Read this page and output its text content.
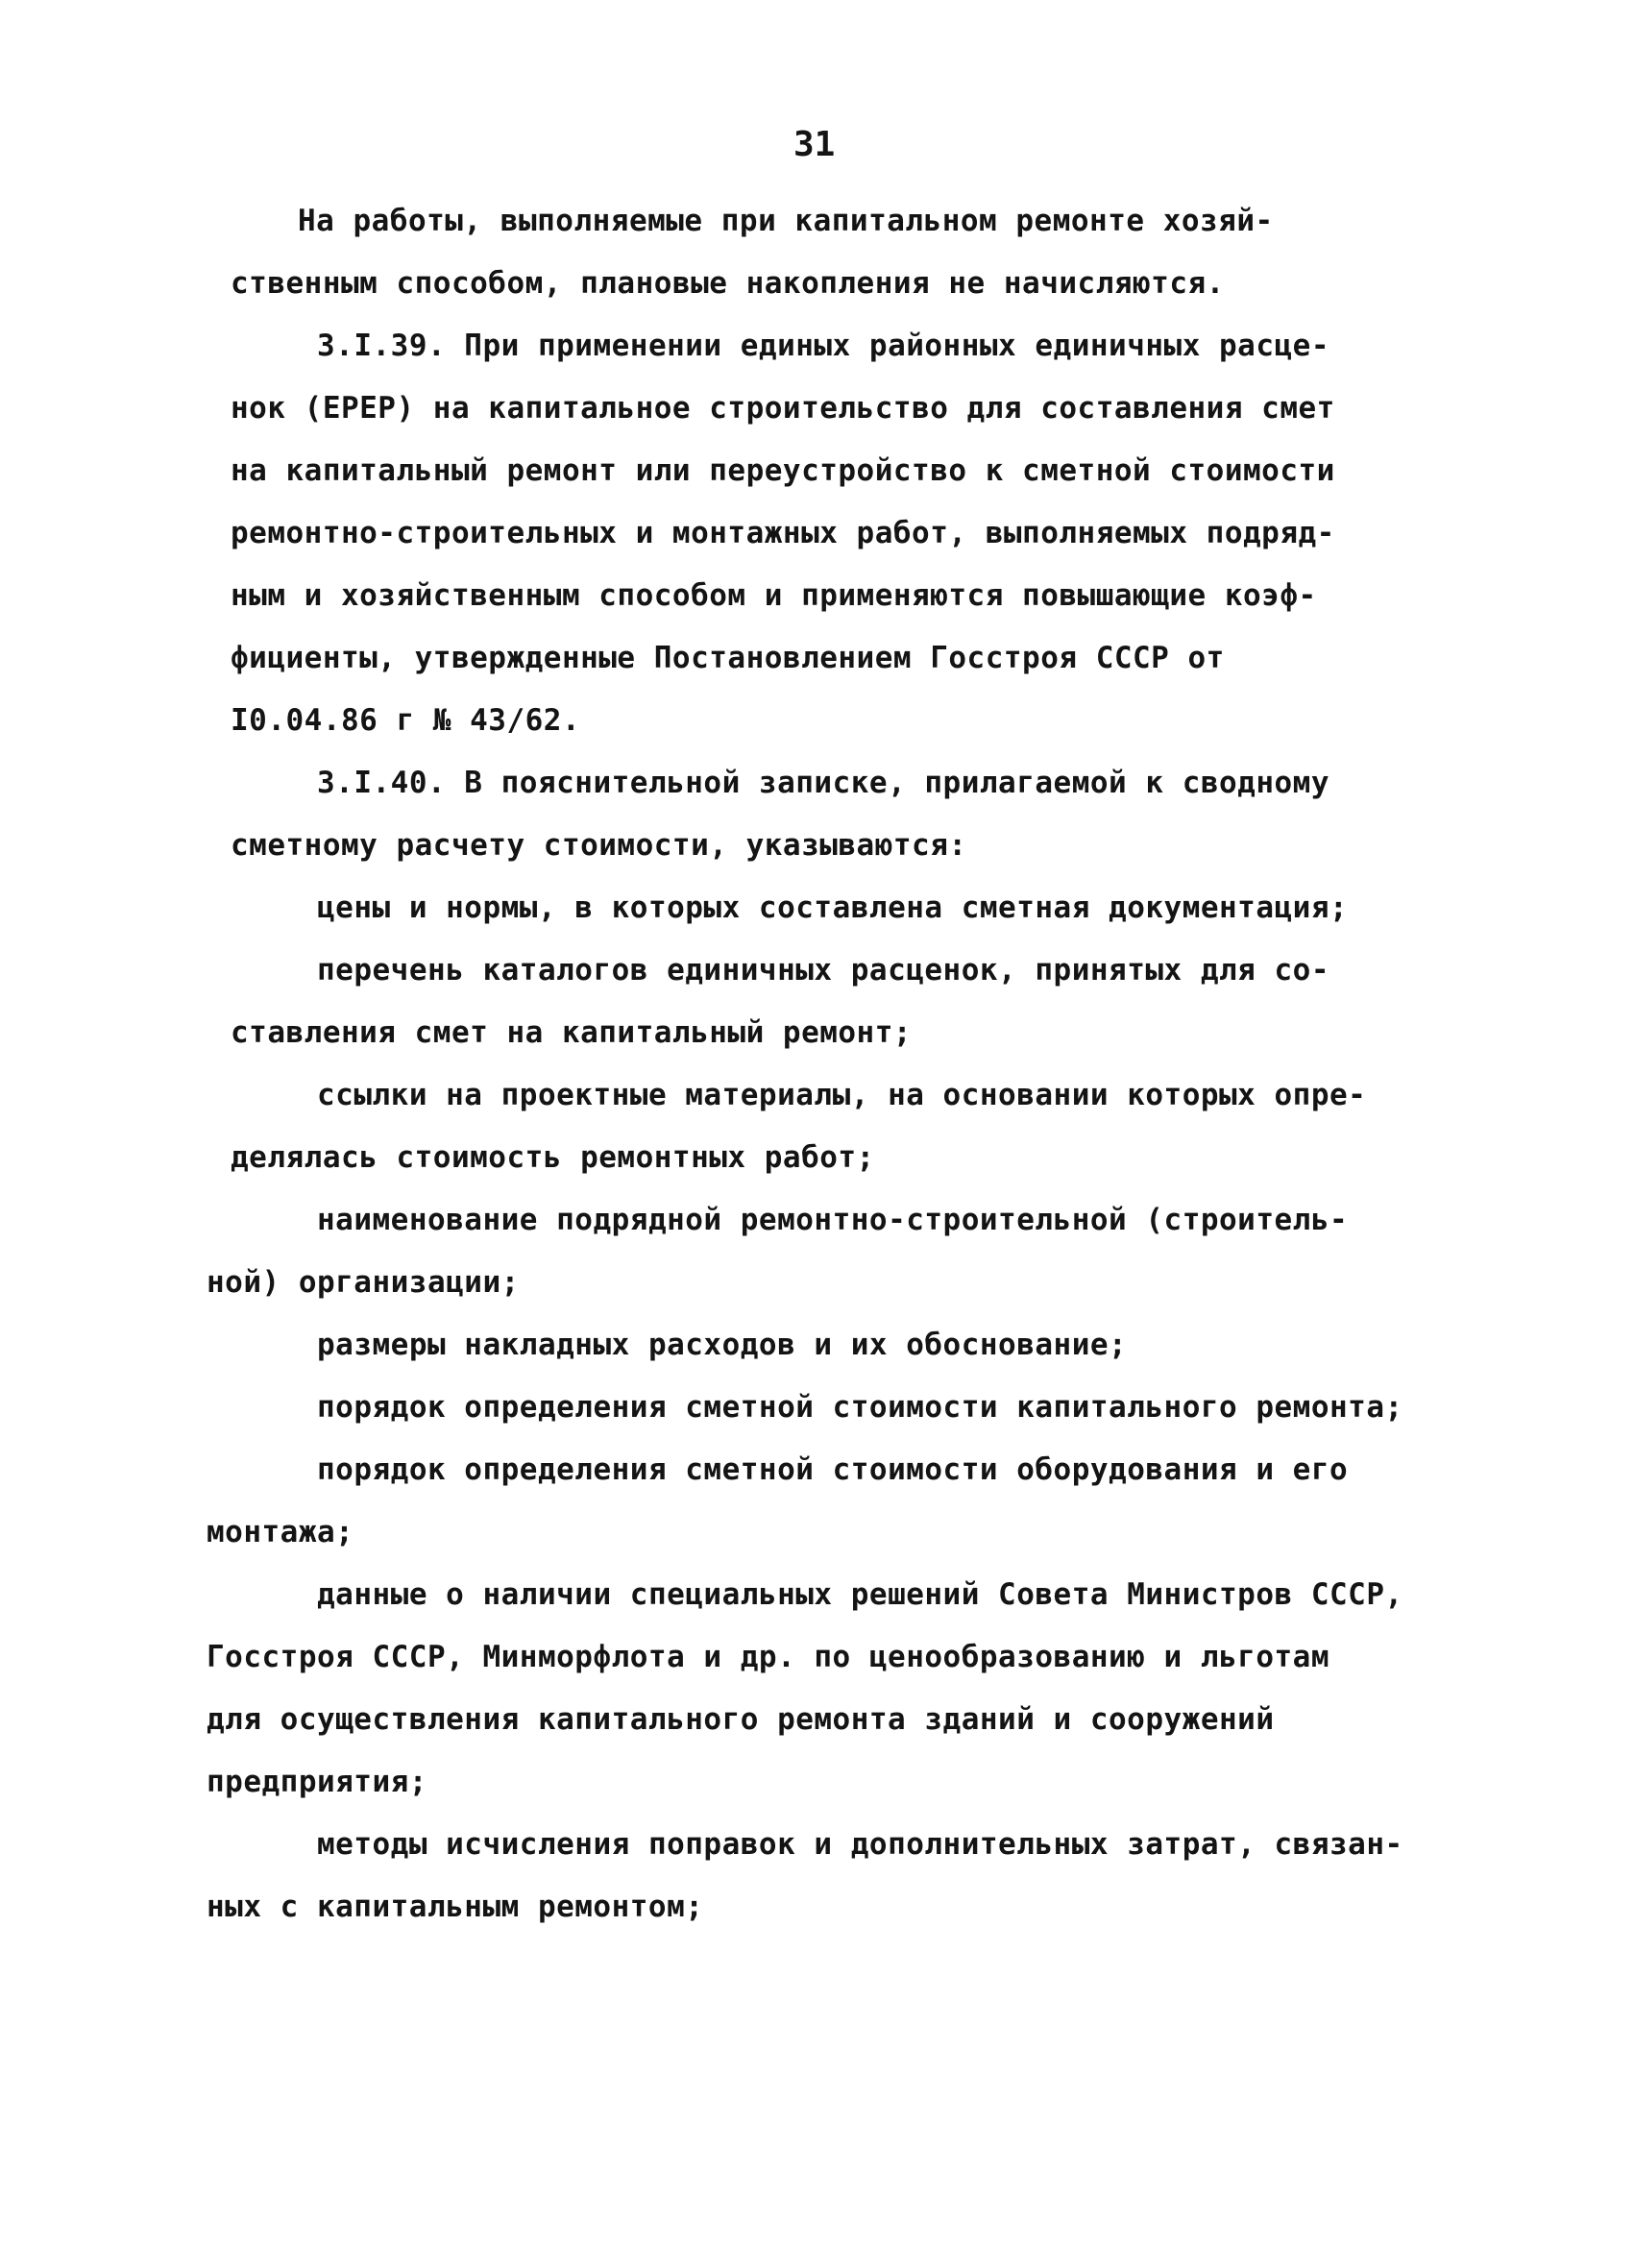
31
На работы, выполняемые при капитальном ремонте хозяй-
ственным способом, плановые накопления не начисляются.
3.I.39. При применении единых районных единичных расце-
нок (ЕРЕР) на капитальное строительство для составления смет
на капитальный ремонт или переустройство к сметной стоимости
ремонтно-строительных и монтажных работ, выполняемых подряд-
ным и хозяйственным способом и применяются повышающие коэф-
фициенты, утвержденные Постановлением Госстроя СССР от
I0.04.86 г № 43/62.
3.I.40. В пояснительной записке, прилагаемой к сводному
сметному расчету стоимости, указываются:
цены и нормы, в которых составлена сметная документация;
перечень каталогов единичных расценок, принятых для со-
ставления смет на капитальный ремонт;
ссылки на проектные материалы, на основании которых опре-
делялась стоимость ремонтных работ;
наименование подрядной ремонтно-строительной (строитель-
ной) организации;
размеры накладных расходов и их обоснование;
порядок определения сметной стоимости капитального ремонта;
порядок определения сметной стоимости оборудования и его
монтажа;
данные о наличии специальных решений Совета Министров СССР,
Госстроя СССР, Минморфлота и др. по ценообразованию и льготам
для осуществления капитального ремонта зданий и сооружений
предприятия;
методы исчисления поправок и дополнительных затрат, связан-
ных с капитальным ремонтом;
